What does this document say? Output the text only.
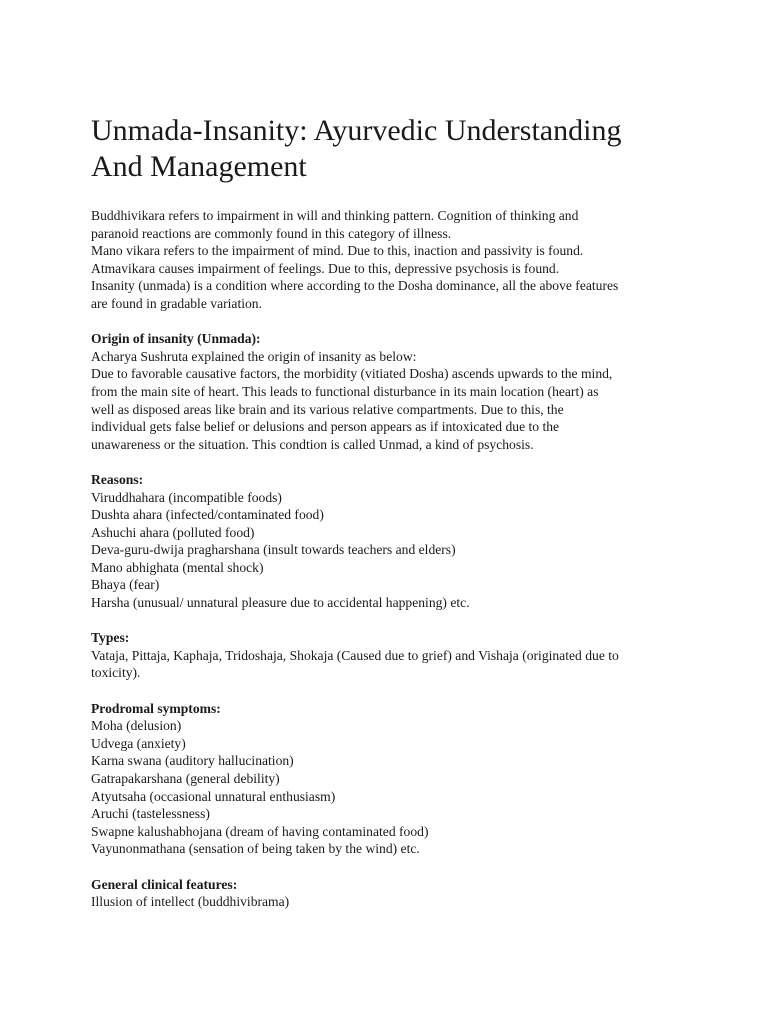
Unmada-Insanity: Ayurvedic Understanding
And Management
Buddhivikara refers to impairment in will and thinking pattern. Cognition of thinking and
paranoid reactions are commonly found in this category of illness.
Mano vikara refers to the impairment of mind. Due to this, inaction and passivity is found.
Atmavikara causes impairment of feelings. Due to this, depressive psychosis is found.
Insanity (unmada) is a condition where according to the Dosha dominance, all the above features
are found in gradable variation.
Origin of insanity (Unmada):
Acharya Sushruta explained the origin of insanity as below:
Due to favorable causative factors, the morbidity (vitiated Dosha) ascends upwards to the mind,
from the main site of heart. This leads to functional disturbance in its main location (heart) as
well as disposed areas like brain and its various relative compartments. Due to this, the
individual gets false belief or delusions and person appears as if intoxicated due to the
unawareness or the situation. This condtion is called Unmad, a kind of psychosis.
Reasons:
Viruddhahara (incompatible foods)
Dushta ahara (infected/contaminated food)
Ashuchi ahara (polluted food)
Deva-guru-dwija pragharshana (insult towards teachers and elders)
Mano abhighata (mental shock)
Bhaya (fear)
Harsha (unusual/ unnatural pleasure due to accidental happening) etc.
Types:
Vataja, Pittaja, Kaphaja, Tridoshaja, Shokaja (Caused due to grief) and Vishaja (originated due to
toxicity).
Prodromal symptoms:
Moha (delusion)
Udvega (anxiety)
Karna swana (auditory hallucination)
Gatrapakarshana (general debility)
Atyutsaha (occasional unnatural enthusiasm)
Aruchi (tastelessness)
Swapne kalushabhojana (dream of having contaminated food)
Vayunonmathana (sensation of being taken by the wind) etc.
General clinical features:
Illusion of intellect (buddhivibrama)
